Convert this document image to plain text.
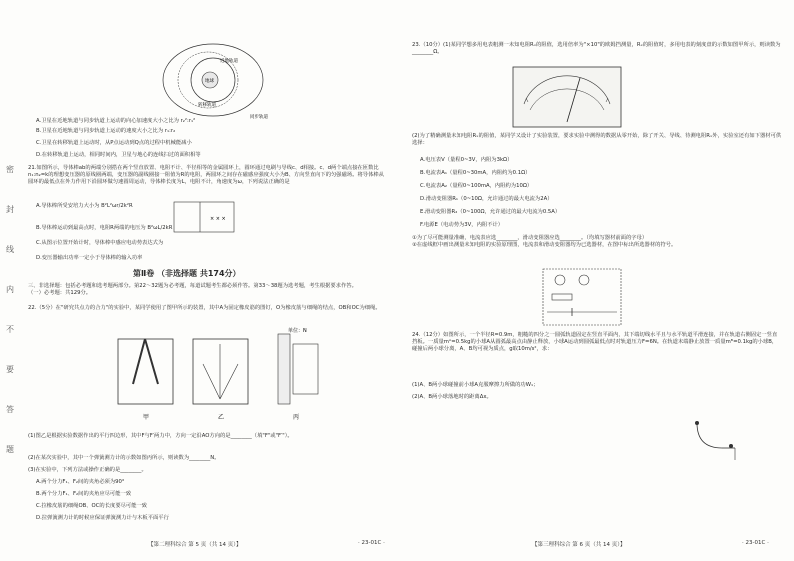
密
封
线
内
不
要
答
题
近地轨道
地球
同步轨道
转移轨道
A.卫星在近地轨道与同步轨道上运动的向心加速度大小之比为 r₂²:r₁²
B.卫星在近地轨道与同步轨道上运动的速度大小之比为 r₁:r₂
C.卫星在转移轨道上运动时，从P点运动到Q点的过程中机械能减小
D.在转移轨道上运动，相同时间内，卫星与地心的连线扫过的面积相等
21.如图所示，导体棒ab的两端分别搭在两个竖直放置、电阻不计、半径相等的金属圆环上，圆环通过电刷与导线c、d相接。c、d两个端点接在匝数比n₁:n₂=k的理想变压器的原线圈两端，变压器的副线圈接一阻值为R的电阻，两圆环之间存在磁感应强度大小为B、方向竖直向下的匀强磁场。将导体棒从圆环的最低点在外力作用下沿圆环做匀速圆周运动，导体棒长度为L，电阻不计，角速度为ω，下列说法正确的是
× × ×
A.导体棒所受安培力大小为 B²L²ωr/2k²R
B.导体棒运动到最高点时，电阻R两端的电压为 B²ωL/2kR
C.从图示位置开始计时，导体棒中感应电动势表达式为
D.变压器输出功率一定小于导体棒的输入功率
第Ⅱ卷 （非选择题 共174分）
三、非选择题：包括必考题和选考题两部分。第22～32题为必考题，每道试题考生都必须作答。第33～38题为选考题，考生根据要求作答。
（一）必考题：共129分。
22.（5分）在"研究共点力的合力"的实验中，某同学使用了图甲所示的装置，其中A为固定橡皮筋的图钉，O为橡皮筋与细绳的结点，OB和OC为细绳。
甲	乙
单位：N
丙
(1)图乙是根据实验数据作出的平行四边形，其中F与F′两力中，方向一定沿AO方向的是________（填"F"或"F′"）。
(2)在某次实验中，其中一个弹簧测力计的示数如图丙所示，则读数为________N。
(3)在实验中，下列方法或操作正确的是________。
A.两个分力F₁、F₂间的夹角必须为90°
B.两个分力F₁、F₂间的夹角应尽可能一致
C.拉橡皮筋的细绳OB、OC的长度要尽可能一致
D.拉弹簧测力计的时候应保证弹簧测力计与木板平面平行
【第二理科综合 第 5 页（共 14 页）】	· 23-01C ·
23.（10分）(1)某同学想多用电表粗测一未知电阻Rₓ的阻值，选用倍率为"×10"的欧姆挡测量，Rₓ的阻值时，多用电表的刻度盘的示数如图甲所示，则读数为________Ω。
(2)为了精确测量未知电阻Rₓ的阻值，某同学又设计了实验装置，要求实验中测得的数据从零开始，除了开关、导线、待测电阻Rₓ外，实验室还有如下器材可供选择：
A.电压表V（量程0~3V，内阻为3kΩ）
B.电流表A₁（量程0~30mA，内阻约为0.1Ω）
C.电流表A₂（量程0~100mA，内阻约为10Ω）
D.滑动变阻器R₁（0~10Ω，允许通过的最大电流为2A）
E.滑动变阻器R₂（0~100Ω，允许通过的最大电流为0.5A）
F.电源E（电动势为3V，内阻不计）
①为了尽可能测量准确，电流表应选________，滑动变阻器应选________。（均填写器材前面的字母）
②在虚线框中画出测量未知电阻的实验原理图，电流表和滑动变阻器均为已选器材，在图中标出所选器材的符号。
24.（12分）如图所示，一个半径R=0.9m，粗糙的四分之一圆弧轨道固定在竖直平面内，其下端切线水平且与水平轨道平滑连接，并在轨道右侧固定一竖直挡板。一质量mᴬ=0.5kg的小球A从圆弧最高点由静止释放，小球A运动到圆弧最低点时对轨道压力F=6N。在轨道末端静止放置一质量mᴮ=0.1kg的小球B，碰撞后两小球分离，A、B均可视为质点，g取10m/s²，求：
(1)A、B两小球碰撞前小球A克服摩擦力所做的功W₁；
(2)A、B两小球落地时的距离Δx。
【第三理科综合 第 6 页（共 14 页）】	· 23-01C ·
